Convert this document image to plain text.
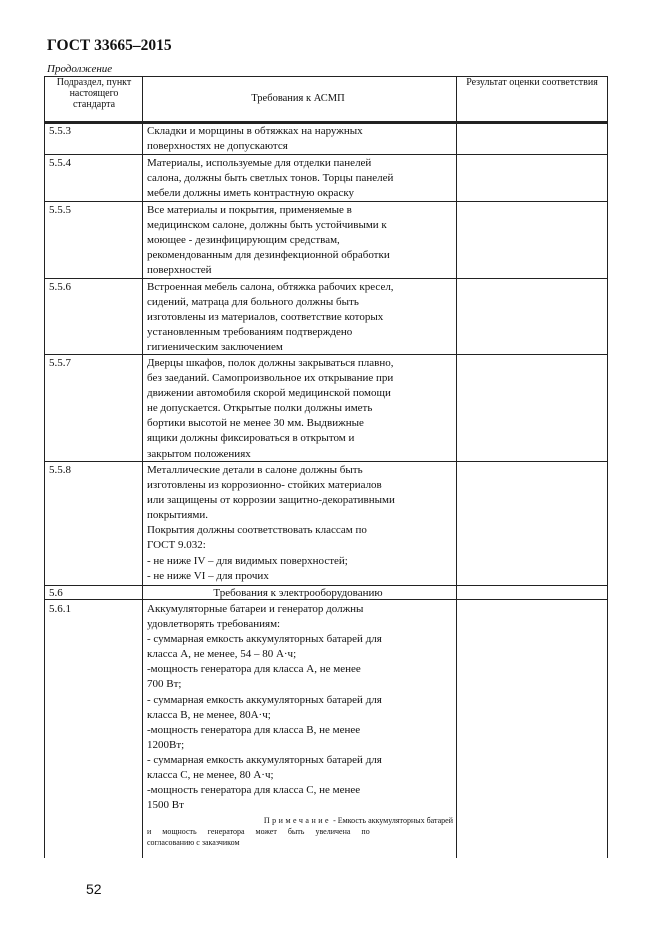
ГОСТ 33665–2015
Продолжение
Подраздел, пункт настоящего стандарта
Требования к АСМП
Результат оценки соответствия
5.5.3	Складки и морщины в обтяжках на наружных
поверхностях не допускаются
5.5.4	Материалы, используемые для отделки панелей
салона, должны быть светлых тонов. Торцы панелей
мебели должны иметь контрастную окраску
5.5.5	Все материалы и покрытия, применяемые в
медицинском салоне, должны быть устойчивыми к
моющее - дезинфицирующим средствам,
рекомендованным для дезинфекционной обработки
поверхностей
5.5.6	Встроенная мебель салона, обтяжка рабочих кресел,
сидений, матраца для больного должны быть
изготовлены из материалов, соответствие которых
установленным требованиям подтверждено
гигиеническим заключением
5.5.7	Дверцы шкафов, полок должны закрываться плавно,
без заеданий. Самопроизвольное их открывание при
движении автомобиля скорой медицинской помощи
не допускается. Открытые полки должны иметь
бортики высотой не менее 30 мм. Выдвижные
ящики должны фиксироваться в открытом и
закрытом положениях
5.5.8	Металлические детали в салоне должны быть
изготовлены из коррозионно- стойких материалов
или защищены от коррозии защитно-декоративными
покрытиями.
Покрытия должны соответствовать классам по
ГОСТ 9.032:
- не ниже IV – для видимых поверхностей;
- не ниже VI – для прочих
5.6	Требования к электрооборудованию
5.6.1	Аккумуляторные батареи и генератор должны
удовлетворять требованиям:
- суммарная емкость аккумуляторных батарей для
класса А, не менее, 54 – 80 А·ч;
-мощность генератора для класса А, не менее
700 Вт;
- суммарная емкость аккумуляторных батарей для
класса В, не менее, 80А·ч;
-мощность генератора для класса В, не менее
1200Вт;
- суммарная емкость аккумуляторных батарей для
класса С, не менее, 80 А·ч;
-мощность генератора для класса С, не менее
1500 Вт
Примечание - Емкость аккумуляторных батарей
и мощность генератора может быть увеличена по
согласованию с заказчиком
52
